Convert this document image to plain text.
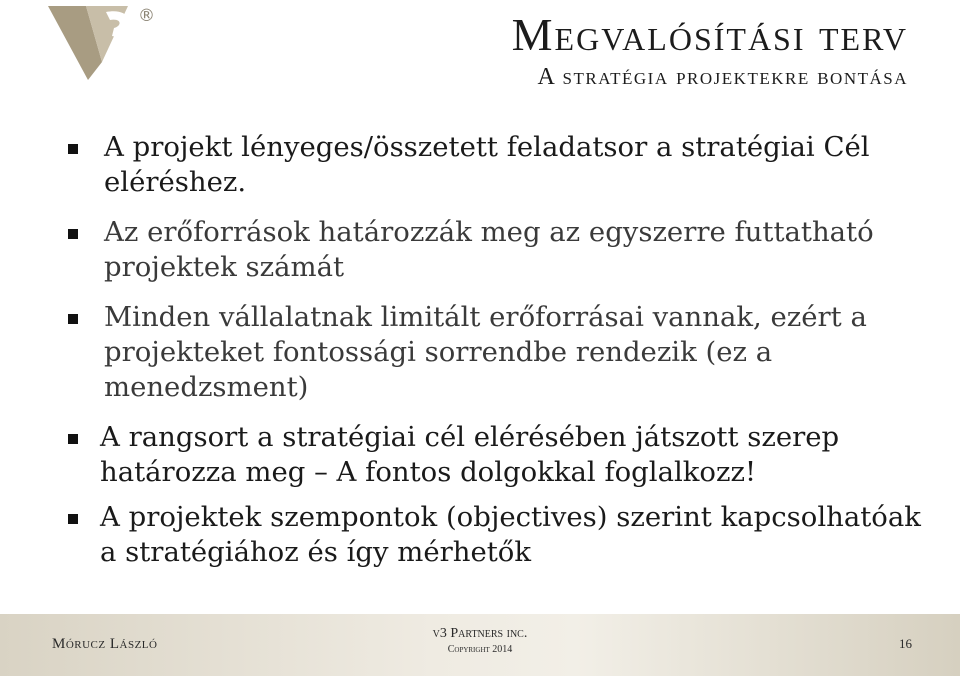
®	Megvalósítási terv
A stratégia projektekre bontása
A projekt lényeges/összetett feladatsor a stratégiai Cél eléréshez.
Az erőforrások határozzák meg az egyszerre futtatható projektek számát
Minden vállalatnak limitált erőforrásai vannak, ezért a projekteket fontossági sorrendbe rendezik (ez a menedzsment)
A rangsort a stratégiai cél elérésében játszott szerep határozza meg – A fontos dolgokkal foglalkozz!
A projektek szempontok (objectives) szerint kapcsolhatóak a stratégiához és így mérhetők
Mórucz László
v3 Partners inc.
Copyright 2014	16
